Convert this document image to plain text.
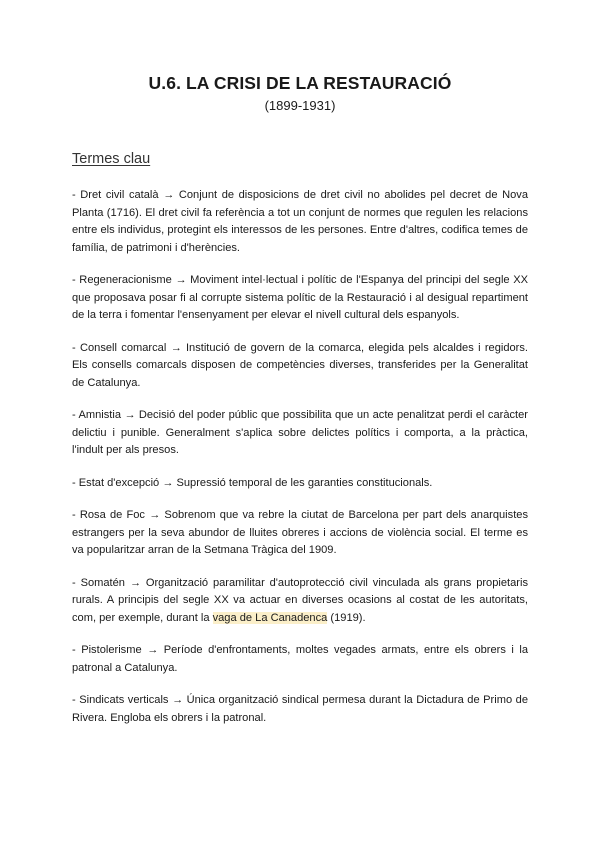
U.6. LA CRISI DE LA RESTAURACIÓ
(1899-1931)
Termes clau

- Dret civil català → Conjunt de disposicions de dret civil no abolides pel decret de Nova Planta (1716). El dret civil fa referència a tot un conjunt de normes que regulen les relacions entre els individus, protegint els interessos de les persones. Entre d'altres, codifica temes de família, de patrimoni i d'herències.

- Regeneracionisme → Moviment intel·lectual i polític de l'Espanya del principi del segle XX que proposava posar fi al corrupte sistema polític de la Restauració i al desigual repartiment de la terra i fomentar l'ensenyament per elevar el nivell cultural dels espanyols.

- Consell comarcal → Institució de govern de la comarca, elegida pels alcaldes i regidors. Els consells comarcals disposen de competències diverses, transferides per la Generalitat de Catalunya.

- Amnistia → Decisió del poder públic que possibilita que un acte penalitzat perdi el caràcter delictiu i punible. Generalment s'aplica sobre delictes polítics i comporta, a la pràctica, l'indult per als presos.

- Estat d'excepció → Supressió temporal de les garanties constitucionals.

- Rosa de Foc → Sobrenom que va rebre la ciutat de Barcelona per part dels anarquistes estrangers per la seva abundor de lluites obreres i accions de violència social. El terme es va popularitzar arran de la Setmana Tràgica del 1909.

- Somatén → Organització paramilitar d'autoprotecció civil vinculada als grans propietaris rurals. A principis del segle XX va actuar en diverses ocasions al costat de les autoritats, com, per exemple, durant la vaga de La Canadenca (1919).

- Pistolerisme → Període d'enfrontaments, moltes vegades armats, entre els obrers i la patronal a Catalunya.

- Sindicats verticals → Única organització sindical permesa durant la Dictadura de Primo de Rivera. Engloba els obrers i la patronal.
